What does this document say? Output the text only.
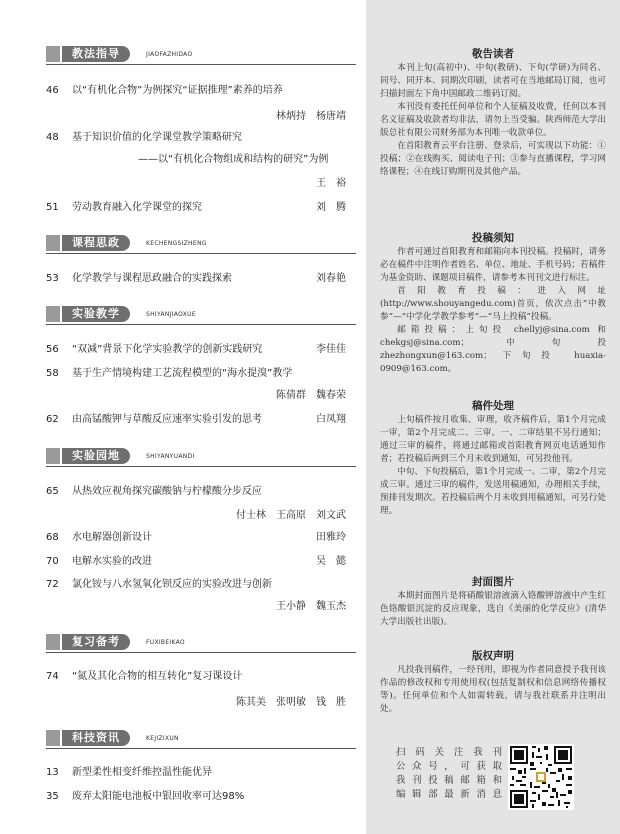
教法指导	JIAOFAZHIDAO
46	以“有机化合物”为例探究“证据推理”素养的培养
林炳持　杨唐靖
48	基于知识价值的化学课堂教学策略研究
——以“有机化合物组成和结构的研究”为例
王　裕
51	劳动教育融入化学课堂的探究	刘　腾
课程思政	KECHENGSIZHENG
53	化学教学与课程思政融合的实践探索	刘春艳
实验教学	SHIYANJIAOXUE
56	“双减”背景下化学实验教学的创新实践研究	李佳佳
58	基于生产情境构建工艺流程模型的“海水提溴”教学
陈倩群　魏春荣
62	由高锰酸钾与草酸反应速率实验引发的思考	白凤翔
实验园地	SHIYANYUANDI
65	从热效应视角探究碳酸钠与柠檬酸分步反应
付士林　王高原　刘文武
68	水电解器创新设计	田雅玲
70	电解水实验的改进	吴　懿
72	氯化铵与八水氢氧化钡反应的实验改进与创新
王小静　魏玉杰
复习备考	FUXIBEIKAO
74	“氮及其化合物的相互转化”复习课设计
陈其美　张明敏　钱　胜
科技资讯	KEJIZIXUN
13	新型柔性相变纤维控温性能优异
35	废弃太阳能电池板中银回收率可达98%
敬告读者

本刊上旬(高初中)、中旬(教研)、下旬(学研)为同名、同号、同开本、同期次印刷，读者可在当地邮局订阅，也可扫描封面左下角中国邮政二维码订阅。

本刊没有委托任何单位和个人征稿及收费，任何以本刊名义征稿及收款者均非法，请勿上当受骗。陕西师范大学出版总社有限公司财务部为本刊唯一收款单位。

在首阳教育云平台注册、登录后，可实现以下功能：①投稿；②在线购买、阅读电子刊；③参与直播课程，学习网络课程；④在线订购期刊及其他产品。

投稿须知

作者可通过首阳教育和邮箱向本刊投稿。投稿时，请务必在稿件中注明作者姓名、单位、地址、手机号码；若稿件为基金资助、课题项目稿件，请参考本刊刊文进行标注。

首阳教育投稿：进入网址(http://www.shouyangedu.com)首页，依次点击“中教参”—“中学化学教学参考”—“马上投稿”投稿。

邮箱投稿：上旬投 chellyj@sina.com 和chekgsj@sina.com；中旬投 zhezhongxun@163.com；下旬投 huaxia-0909@163.com。

稿件处理

上旬稿件按月收集、审理，收齐稿件后，第1个月完成一审，第2个月完成二、三审。一、二审结果不另行通知；通过三审的稿件，将通过邮箱或首阳教育网页电话通知作者；若投稿后两到三个月未收到通知，可另投他刊。

中旬、下旬投稿后，第1个月完成一、二审，第2个月完成三审。通过三审的稿件，发送用稿通知，办理相关手续，预排刊发期次。若投稿后两个月未收到用稿通知，可另行处理。

封面图片

本期封面图片是将硝酸银溶液滴入铬酸钾溶液中产生红色铬酸银沉淀的反应现象，选自《美丽的化学反应》(清华大学出版社出版)。

版权声明

凡投我刊稿件，一经刊用，即视为作者同意授予我刊该作品的修改权和专用使用权(包括复制权和信息网络传播权等)。任何单位和个人如需转载，请与我社联系并注明出处。

扫码关注我刊
公众号，可获取
我刊投稿邮箱和
编辑部最新消息
